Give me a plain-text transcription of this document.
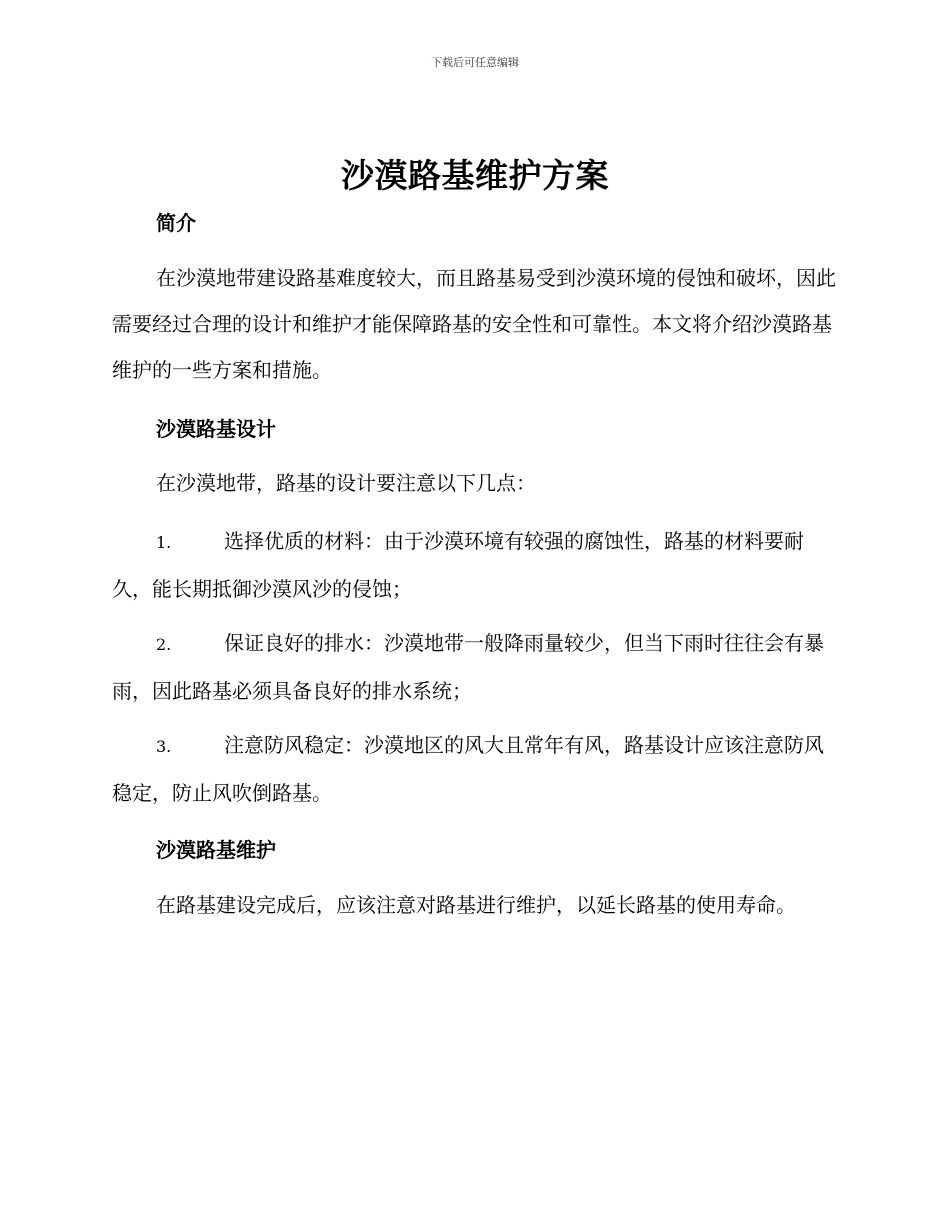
下载后可任意编辑
沙漠路基维护方案
简介

在沙漠地带建设路基难度较大，而且路基易受到沙漠环境的侵蚀和破坏，因此需要经过合理的设计和维护才能保障路基的安全性和可靠性。本文将介绍沙漠路基维护的一些方案和措施。

沙漠路基设计

在沙漠地带，路基的设计要注意以下几点：

1.	选择优质的材料：由于沙漠环境有较强的腐蚀性，路基的材料要耐久，能长期抵御沙漠风沙的侵蚀；

2.	保证良好的排水：沙漠地带一般降雨量较少，但当下雨时往往会有暴雨，因此路基必须具备良好的排水系统；

3.	注意防风稳定：沙漠地区的风大且常年有风，路基设计应该注意防风稳定，防止风吹倒路基。

沙漠路基维护

在路基建设完成后，应该注意对路基进行维护，以延长路基的使用寿命。
